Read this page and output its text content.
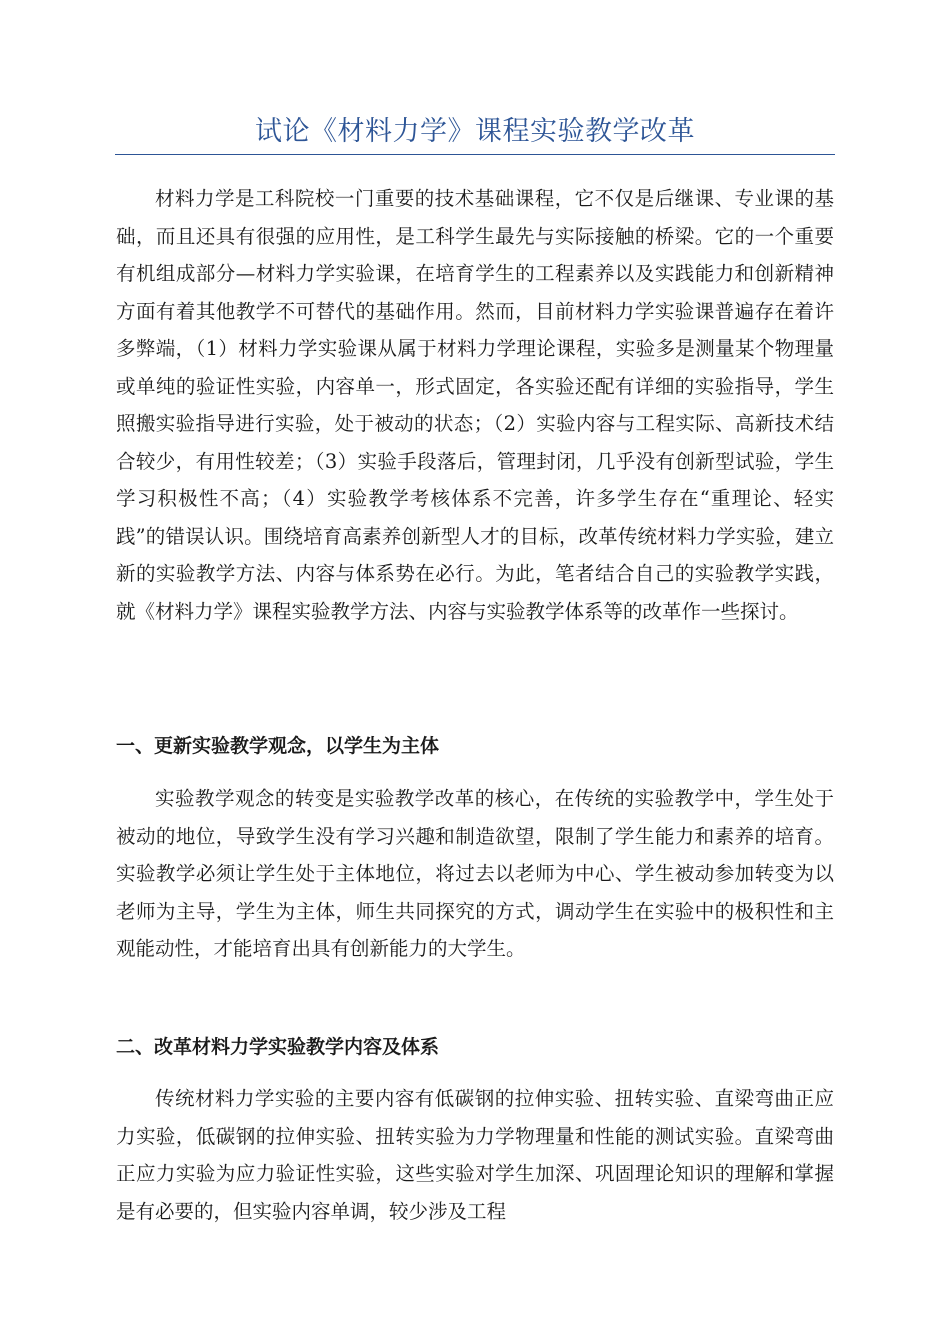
试论《材料力学》课程实验教学改革

材料力学是工科院校一门重要的技术基础课程，它不仅是后继课、专业课的基础，而且还具有很强的应用性，是工科学生最先与实际接触的桥梁。它的一个重要有机组成部分—材料力学实验课，在培育学生的工程素养以及实践能力和创新精神方面有着其他教学不可替代的基础作用。然而，目前材料力学实验课普遍存在着许多弊端，（1）材料力学实验课从属于材料力学理论课程，实验多是测量某个物理量或单纯的验证性实验，内容单一，形式固定，各实验还配有详细的实验指导，学生照搬实验指导进行实验，处于被动的状态；（2）实验内容与工程实际、高新技术结合较少，有用性较差；（3）实验手段落后，管理封闭，几乎没有创新型试验，学生学习积极性不高；（4）实验教学考核体系不完善，许多学生存在“重理论、轻实践”的错误认识。围绕培育高素养创新型人才的目标，改革传统材料力学实验，建立新的实验教学方法、内容与体系势在必行。为此，笔者结合自己的实验教学实践，就《材料力学》课程实验教学方法、内容与实验教学体系等的改革作一些探讨。

一、更新实验教学观念，以学生为主体

实验教学观念的转变是实验教学改革的核心，在传统的实验教学中，学生处于被动的地位，导致学生没有学习兴趣和制造欲望，限制了学生能力和素养的培育。实验教学必须让学生处于主体地位，将过去以老师为中心、学生被动参加转变为以老师为主导，学生为主体，师生共同探究的方式，调动学生在实验中的极积性和主观能动性，才能培育出具有创新能力的大学生。

二、改革材料力学实验教学内容及体系

传统材料力学实验的主要内容有低碳钢的拉伸实验、扭转实验、直梁弯曲正应力实验，低碳钢的拉伸实验、扭转实验为力学物理量和性能的测试实验。直梁弯曲正应力实验为应力验证性实验，这些实验对学生加深、巩固理论知识的理解和掌握是有必要的，但实验内容单调，较少涉及工程
